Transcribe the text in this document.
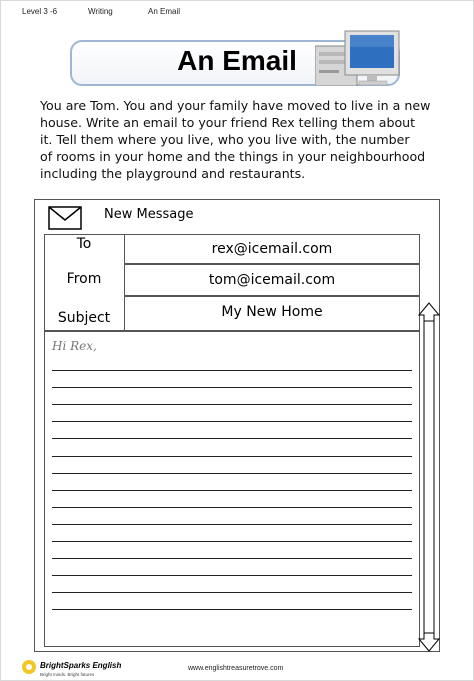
Level 3 -6	Writing	An Email
An Email
You are Tom. You and your family have moved to live in a new
house. Write an email to your friend Rex telling them about
it. Tell them where you live, who you live with, the number
of rooms in your home and the things in your neighbourhood
including the playground and restaurants.
New Message
To
From
Subject
rex@icemail.com
tom@icemail.com
My New Home
Hi Rex,
BrightSparks English
Bright minds. Bright futures
www.englishtreasuretrove.com
